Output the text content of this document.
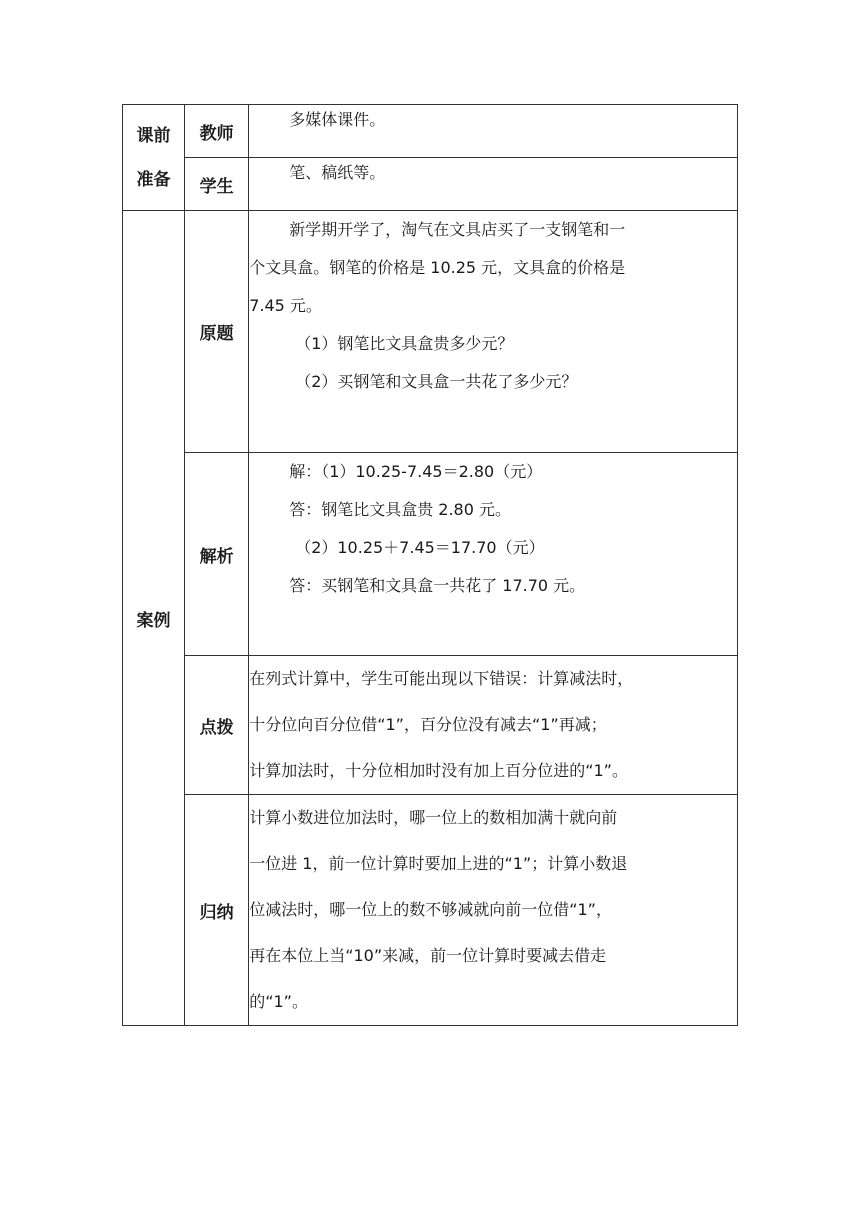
课前
准备	教师	多媒体课件。

	学生	笔、稿纸等。

案例	原题	新学期开学了，淘气在文具店买了一支钢笔和一

个文具盒。钢笔的价格是 10.25 元，文具盒的价格是

7.45 元。

（1）钢笔比文具盒贵多少元？

（2）买钢笔和文具盒一共花了多少元？

	解析	解：（1）10.25-7.45＝2.80（元）

答：钢笔比文具盒贵 2.80 元。

（2）10.25＋7.45＝17.70（元）

答：买钢笔和文具盒一共花了 17.70 元。

	点拨	在列式计算中，学生可能出现以下错误：计算减法时，

十分位向百分位借“1”，百分位没有减去“1”再减；

计算加法时，十分位相加时没有加上百分位进的“1”。

	归纳	计算小数进位加法时，哪一位上的数相加满十就向前

一位进 1，前一位计算时要加上进的“1”；计算小数退

位减法时，哪一位上的数不够减就向前一位借“1”，

再在本位上当“10”来减，前一位计算时要减去借走

的“1”。
